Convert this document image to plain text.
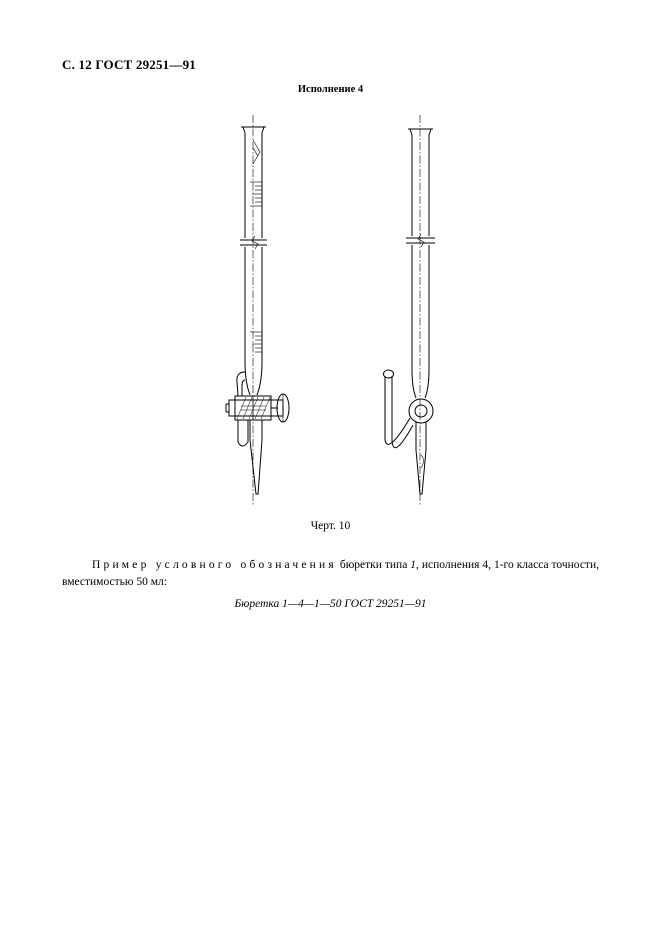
С. 12 ГОСТ 29251—91
Исполнение 4
Черт. 10
Пример условного обозначения бюретки типа 1, исполнения 4, 1-го класса точности, вместимостью 50 мл:
Бюретка 1—4—1—50 ГОСТ 29251—91
